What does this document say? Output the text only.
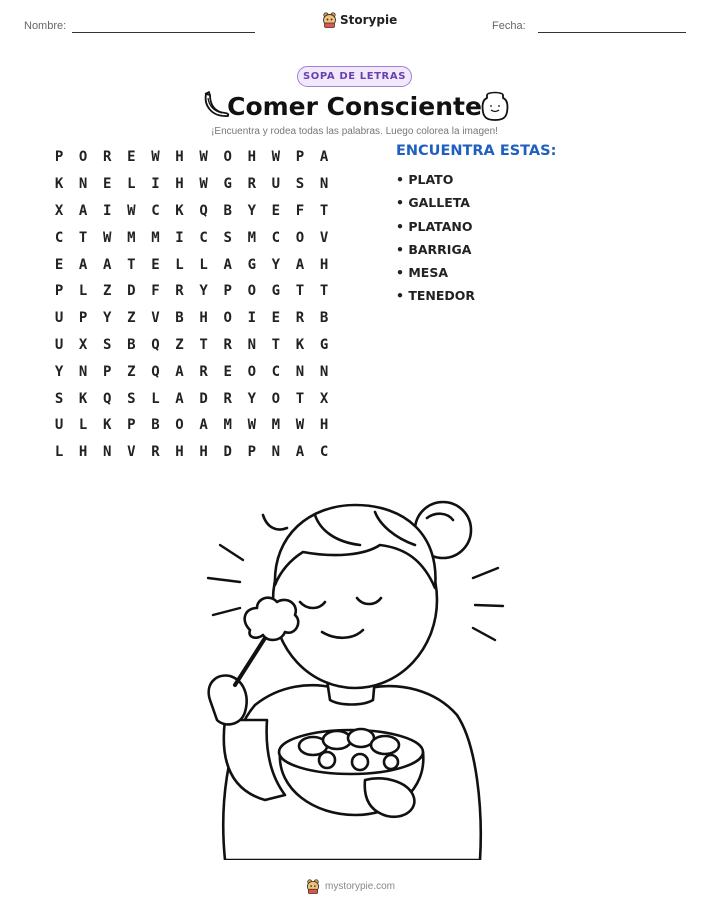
Nombre:	Storypie	Fecha:
SOPA DE LETRAS
Comer Consciente
¡Encuentra y rodea todas las palabras. Luego colorea la imagen!
P	O	R	E	W	H	W	O	H	W	P	A
K	N	E	L	I	H	W	G	R	U	S	N
X	A	I	W	C	K	Q	B	Y	E	F	T
C	T	W	M	M	I	C	S	M	C	O	V
E	A	A	T	E	L	L	A	G	Y	A	H
P	L	Z	D	F	R	Y	P	O	G	T	T
U	P	Y	Z	V	B	H	O	I	E	R	B
U	X	S	B	Q	Z	T	R	N	T	K	G
Y	N	P	Z	Q	A	R	E	O	C	N	N
S	K	Q	S	L	A	D	R	Y	O	T	X
U	L	K	P	B	O	A	M	W	M	W	H
L	H	N	V	R	H	H	D	P	N	A	C
ENCUENTRA ESTAS:
• PLATO
• GALLETA
• PLATANO
• BARRIGA
• MESA
• TENEDOR
mystorypie.com
